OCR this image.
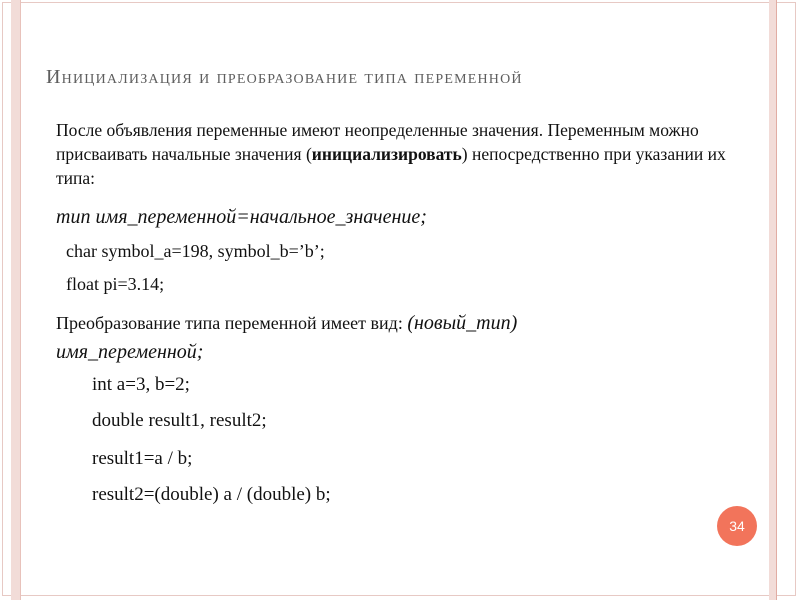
Инициализация и преобразование типа переменной
После объявления переменные имеют неопределенные значения. Переменным можно присваивать начальные значения (инициализировать) непосредственно при указании их типа:
тип имя_переменной=начальное_значение;
char symbol_a=198, symbol_b=’b’;
float pi=3.14;
Преобразование типа переменной имеет вид: (новый_тип)
имя_переменной;
int a=3, b=2;
double result1, result2;
result1=a / b;
result2=(double) a / (double) b;
34
